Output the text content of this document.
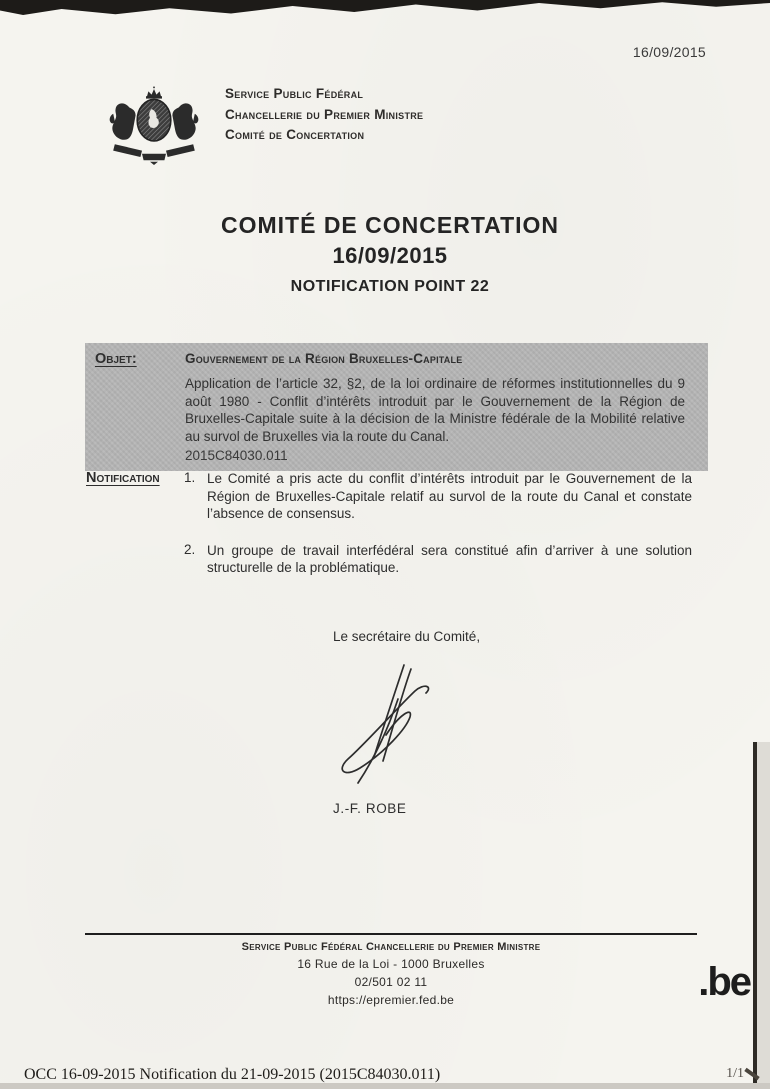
16/09/2015
Service Public Fédéral
Chancellerie du Premier Ministre
Comité de Concertation
COMITÉ DE CONCERTATION
16/09/2015
NOTIFICATION POINT 22
Objet:	Gouvernement de la Région Bruxelles-Capitale
Application de l’article 32, §2, de la loi ordinaire de réformes institutionnelles du 9 août 1980 - Conflit d’intérêts introduit par le Gouvernement de la Région de Bruxelles-Capitale suite à la décision de la Ministre fédérale de la Mobilité relative au survol de Bruxelles via la route du Canal.
2015C84030.011
Notification 1. Le Comité a pris acte du conflit d’intérêts introduit par le Gouvernement de la Région de Bruxelles-Capitale relatif au survol de la route du Canal et constate l’absence de consensus.
2. Un groupe de travail interfédéral sera constitué afin d’arriver à une solution structurelle de la problématique.
Le secrétaire du Comité,
J.-F. ROBE
Service Public Fédéral Chancellerie du Premier Ministre
16 Rue de la Loi - 1000 Bruxelles
02/501 02 11
https://epremier.fed.be	.be
OCC 16-09-2015 Notification du 21-09-2015 (2015C84030.011)	1/1
